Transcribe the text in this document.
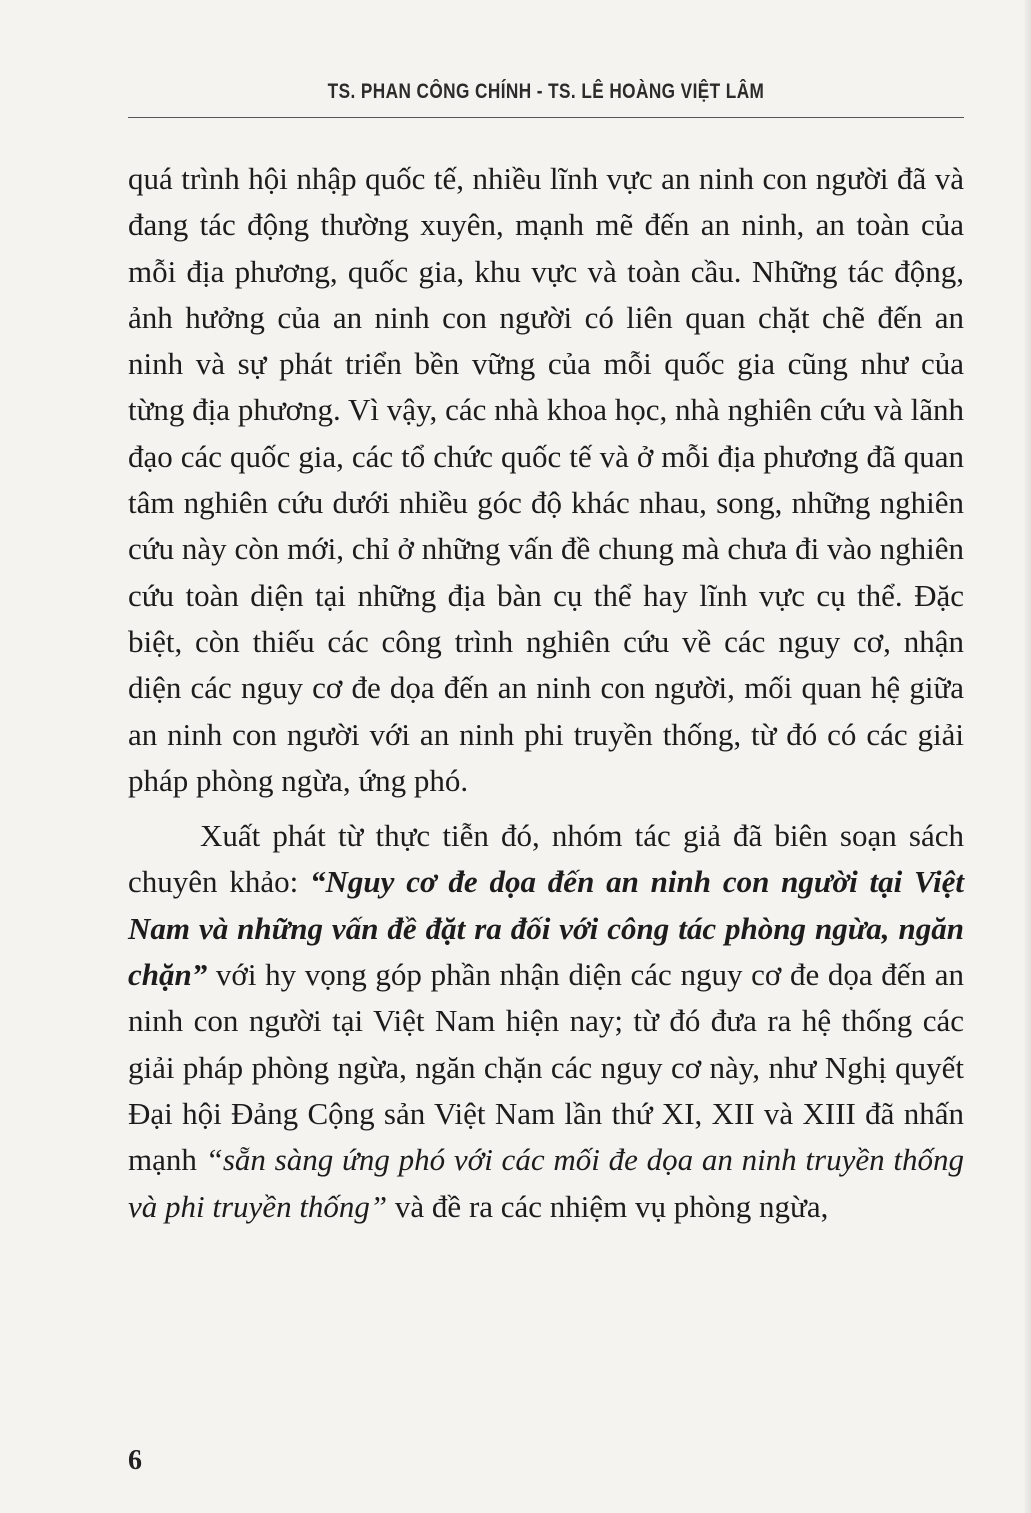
TS. PHAN CÔNG CHÍNH - TS. LÊ HOÀNG VIỆT LÂM

quá trình hội nhập quốc tế, nhiều lĩnh vực an ninh con người đã và đang tác động thường xuyên, mạnh mẽ đến an ninh, an toàn của mỗi địa phương, quốc gia, khu vực và toàn cầu. Những tác động, ảnh hưởng của an ninh con người có liên quan chặt chẽ đến an ninh và sự phát triển bền vững của mỗi quốc gia cũng như của từng địa phương. Vì vậy, các nhà khoa học, nhà nghiên cứu và lãnh đạo các quốc gia, các tổ chức quốc tế và ở mỗi địa phương đã quan tâm nghiên cứu dưới nhiều góc độ khác nhau, song, những nghiên cứu này còn mới, chỉ ở những vấn đề chung mà chưa đi vào nghiên cứu toàn diện tại những địa bàn cụ thể hay lĩnh vực cụ thể. Đặc biệt, còn thiếu các công trình nghiên cứu về các nguy cơ, nhận diện các nguy cơ đe dọa đến an ninh con người, mối quan hệ giữa an ninh con người với an ninh phi truyền thống, từ đó có các giải pháp phòng ngừa, ứng phó.

Xuất phát từ thực tiễn đó, nhóm tác giả đã biên soạn sách chuyên khảo: “Nguy cơ đe dọa đến an ninh con người tại Việt Nam và những vấn đề đặt ra đối với công tác phòng ngừa, ngăn chặn” với hy vọng góp phần nhận diện các nguy cơ đe dọa đến an ninh con người tại Việt Nam hiện nay; từ đó đưa ra hệ thống các giải pháp phòng ngừa, ngăn chặn các nguy cơ này, như Nghị quyết Đại hội Đảng Cộng sản Việt Nam lần thứ XI, XII và XIII đã nhấn mạnh “sẵn sàng ứng phó với các mối đe dọa an ninh truyền thống và phi truyền thống” và đề ra các nhiệm vụ phòng ngừa,

6
